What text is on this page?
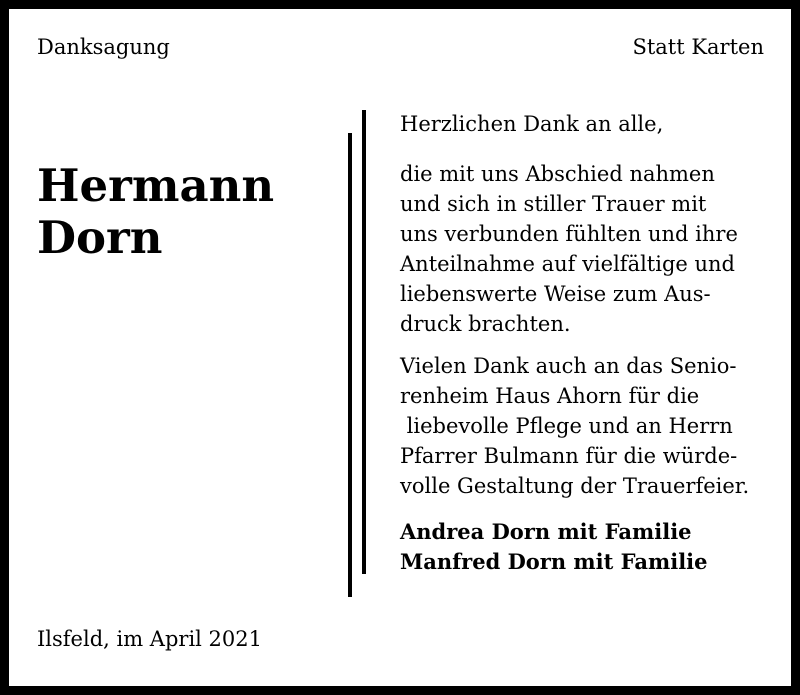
Danksagung	Statt Karten
Hermann
Dorn
Herzlichen Dank an alle,
die mit uns Abschied nahmen
und sich in stiller Trauer mit
uns verbunden fühlten und ihre
Anteilnahme auf vielfältige und
liebenswerte Weise zum Aus-
druck brachten.
Vielen Dank auch an das Senio-
renheim Haus Ahorn für die
liebevolle Pflege und an Herrn
Pfarrer Bulmann für die würde-
volle Gestaltung der Trauerfeier.
Andrea Dorn mit Familie
Manfred Dorn mit Familie
Ilsfeld, im April 2021
